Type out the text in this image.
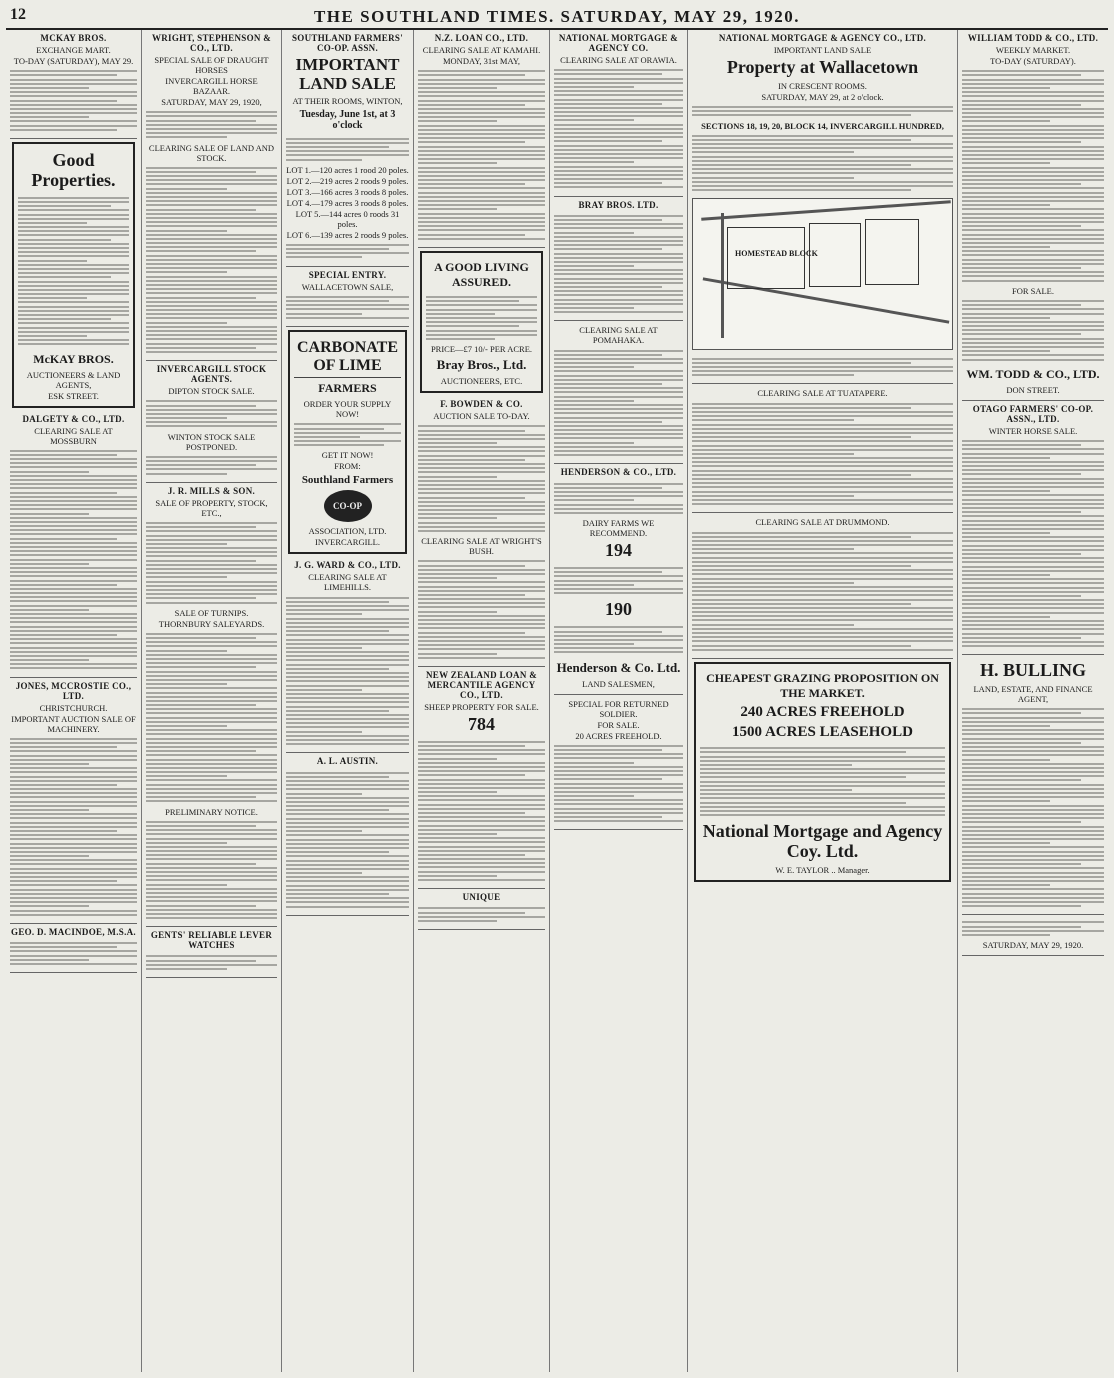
12	THE SOUTHLAND TIMES. SATURDAY, MAY 29, 1920.
MCKAY BROS.
EXCHANGE MART.
TO-DAY (SATURDAY), MAY 29.
Good Properties.
McKAY BROS.
AUCTIONEERS & LAND AGENTS,
ESK STREET.
DALGETY & CO., LTD.
CLEARING SALE AT MOSSBURN
JONES, MCCROSTIE CO., LTD.
CHRISTCHURCH.
IMPORTANT AUCTION SALE OF MACHINERY.
GEO. D. MACINDOE, M.S.A.
WRIGHT, STEPHENSON & CO., LTD.
SPECIAL SALE OF DRAUGHT HORSES
INVERCARGILL HORSE BAZAAR.
SATURDAY, MAY 29, 1920,
CLEARING SALE OF LAND AND STOCK.
INVERCARGILL STOCK AGENTS.
DIPTON STOCK SALE.
WINTON STOCK SALE POSTPONED.
J. R. MILLS & SON.
SALE OF PROPERTY, STOCK, ETC.,
SALE OF TURNIPS.
THORNBURY SALEYARDS.
PRELIMINARY NOTICE.
GENTS' RELIABLE LEVER WATCHES
SOUTHLAND FARMERS' CO-OP. ASSN.
IMPORTANT LAND SALE
AT THEIR ROOMS, WINTON,
Tuesday, June 1st, at 3 o'clock
LOT 1.—120 acres 1 rood 20 poles.
LOT 2.—219 acres 2 roods 9 poles.
LOT 3.—166 acres 3 roods 8 poles.
LOT 4.—179 acres 3 roods 8 poles.
LOT 5.—144 acres 0 roods 31 poles.
LOT 6.—139 acres 2 roods 9 poles.
SPECIAL ENTRY.
WALLACETOWN SALE,
CARBONATE OF LIME
FARMERS
ORDER YOUR SUPPLY NOW!
GET IT NOW!
FROM:
Southland Farmers
CO-OP
ASSOCIATION, LTD.
INVERCARGILL.
J. G. WARD & CO., LTD.
CLEARING SALE AT LIMEHILLS.
A. L. AUSTIN.
N.Z. LOAN CO., LTD.
CLEARING SALE AT KAMAHI.
MONDAY, 31st MAY,
A GOOD LIVING ASSURED.
PRICE—£7 10/- PER ACRE.
Bray Bros., Ltd.
AUCTIONEERS, ETC.
F. BOWDEN & CO.
AUCTION SALE TO-DAY.
CLEARING SALE AT WRIGHT'S BUSH.
NEW ZEALAND LOAN & MERCANTILE AGENCY CO., LTD.
SHEEP PROPERTY FOR SALE.
784
UNIQUE
NATIONAL MORTGAGE & AGENCY CO.
CLEARING SALE AT ORAWIA.
BRAY BROS. LTD.
CLEARING SALE AT POMAHAKA.
HENDERSON & CO., LTD.
DAIRY FARMS WE RECOMMEND.
194
190
Henderson & Co. Ltd.
LAND SALESMEN,
SPECIAL FOR RETURNED SOLDIER.
FOR SALE.
20 ACRES FREEHOLD.
NATIONAL MORTGAGE & AGENCY CO., LTD.
IMPORTANT LAND SALE
Property at Wallacetown
IN CRESCENT ROOMS.
SATURDAY, MAY 29, at 2 o'clock.
SECTIONS 18, 19, 20, BLOCK 14, INVERCARGILL HUNDRED,
HOMESTEAD BLOCK
CLEARING SALE AT TUATAPERE.
CLEARING SALE AT DRUMMOND.
CHEAPEST GRAZING PROPOSITION ON THE MARKET.
240 ACRES FREEHOLD
1500 ACRES LEASEHOLD
National Mortgage and Agency Coy. Ltd.
W. E. TAYLOR .. Manager.
WILLIAM TODD & CO., LTD.
WEEKLY MARKET.
TO-DAY (SATURDAY).
FOR SALE.
WM. TODD & CO., LTD.
DON STREET.
OTAGO FARMERS' CO-OP. ASSN., LTD.
WINTER HORSE SALE.
H. BULLING
LAND, ESTATE, AND FINANCE AGENT,
SATURDAY, MAY 29, 1920.
